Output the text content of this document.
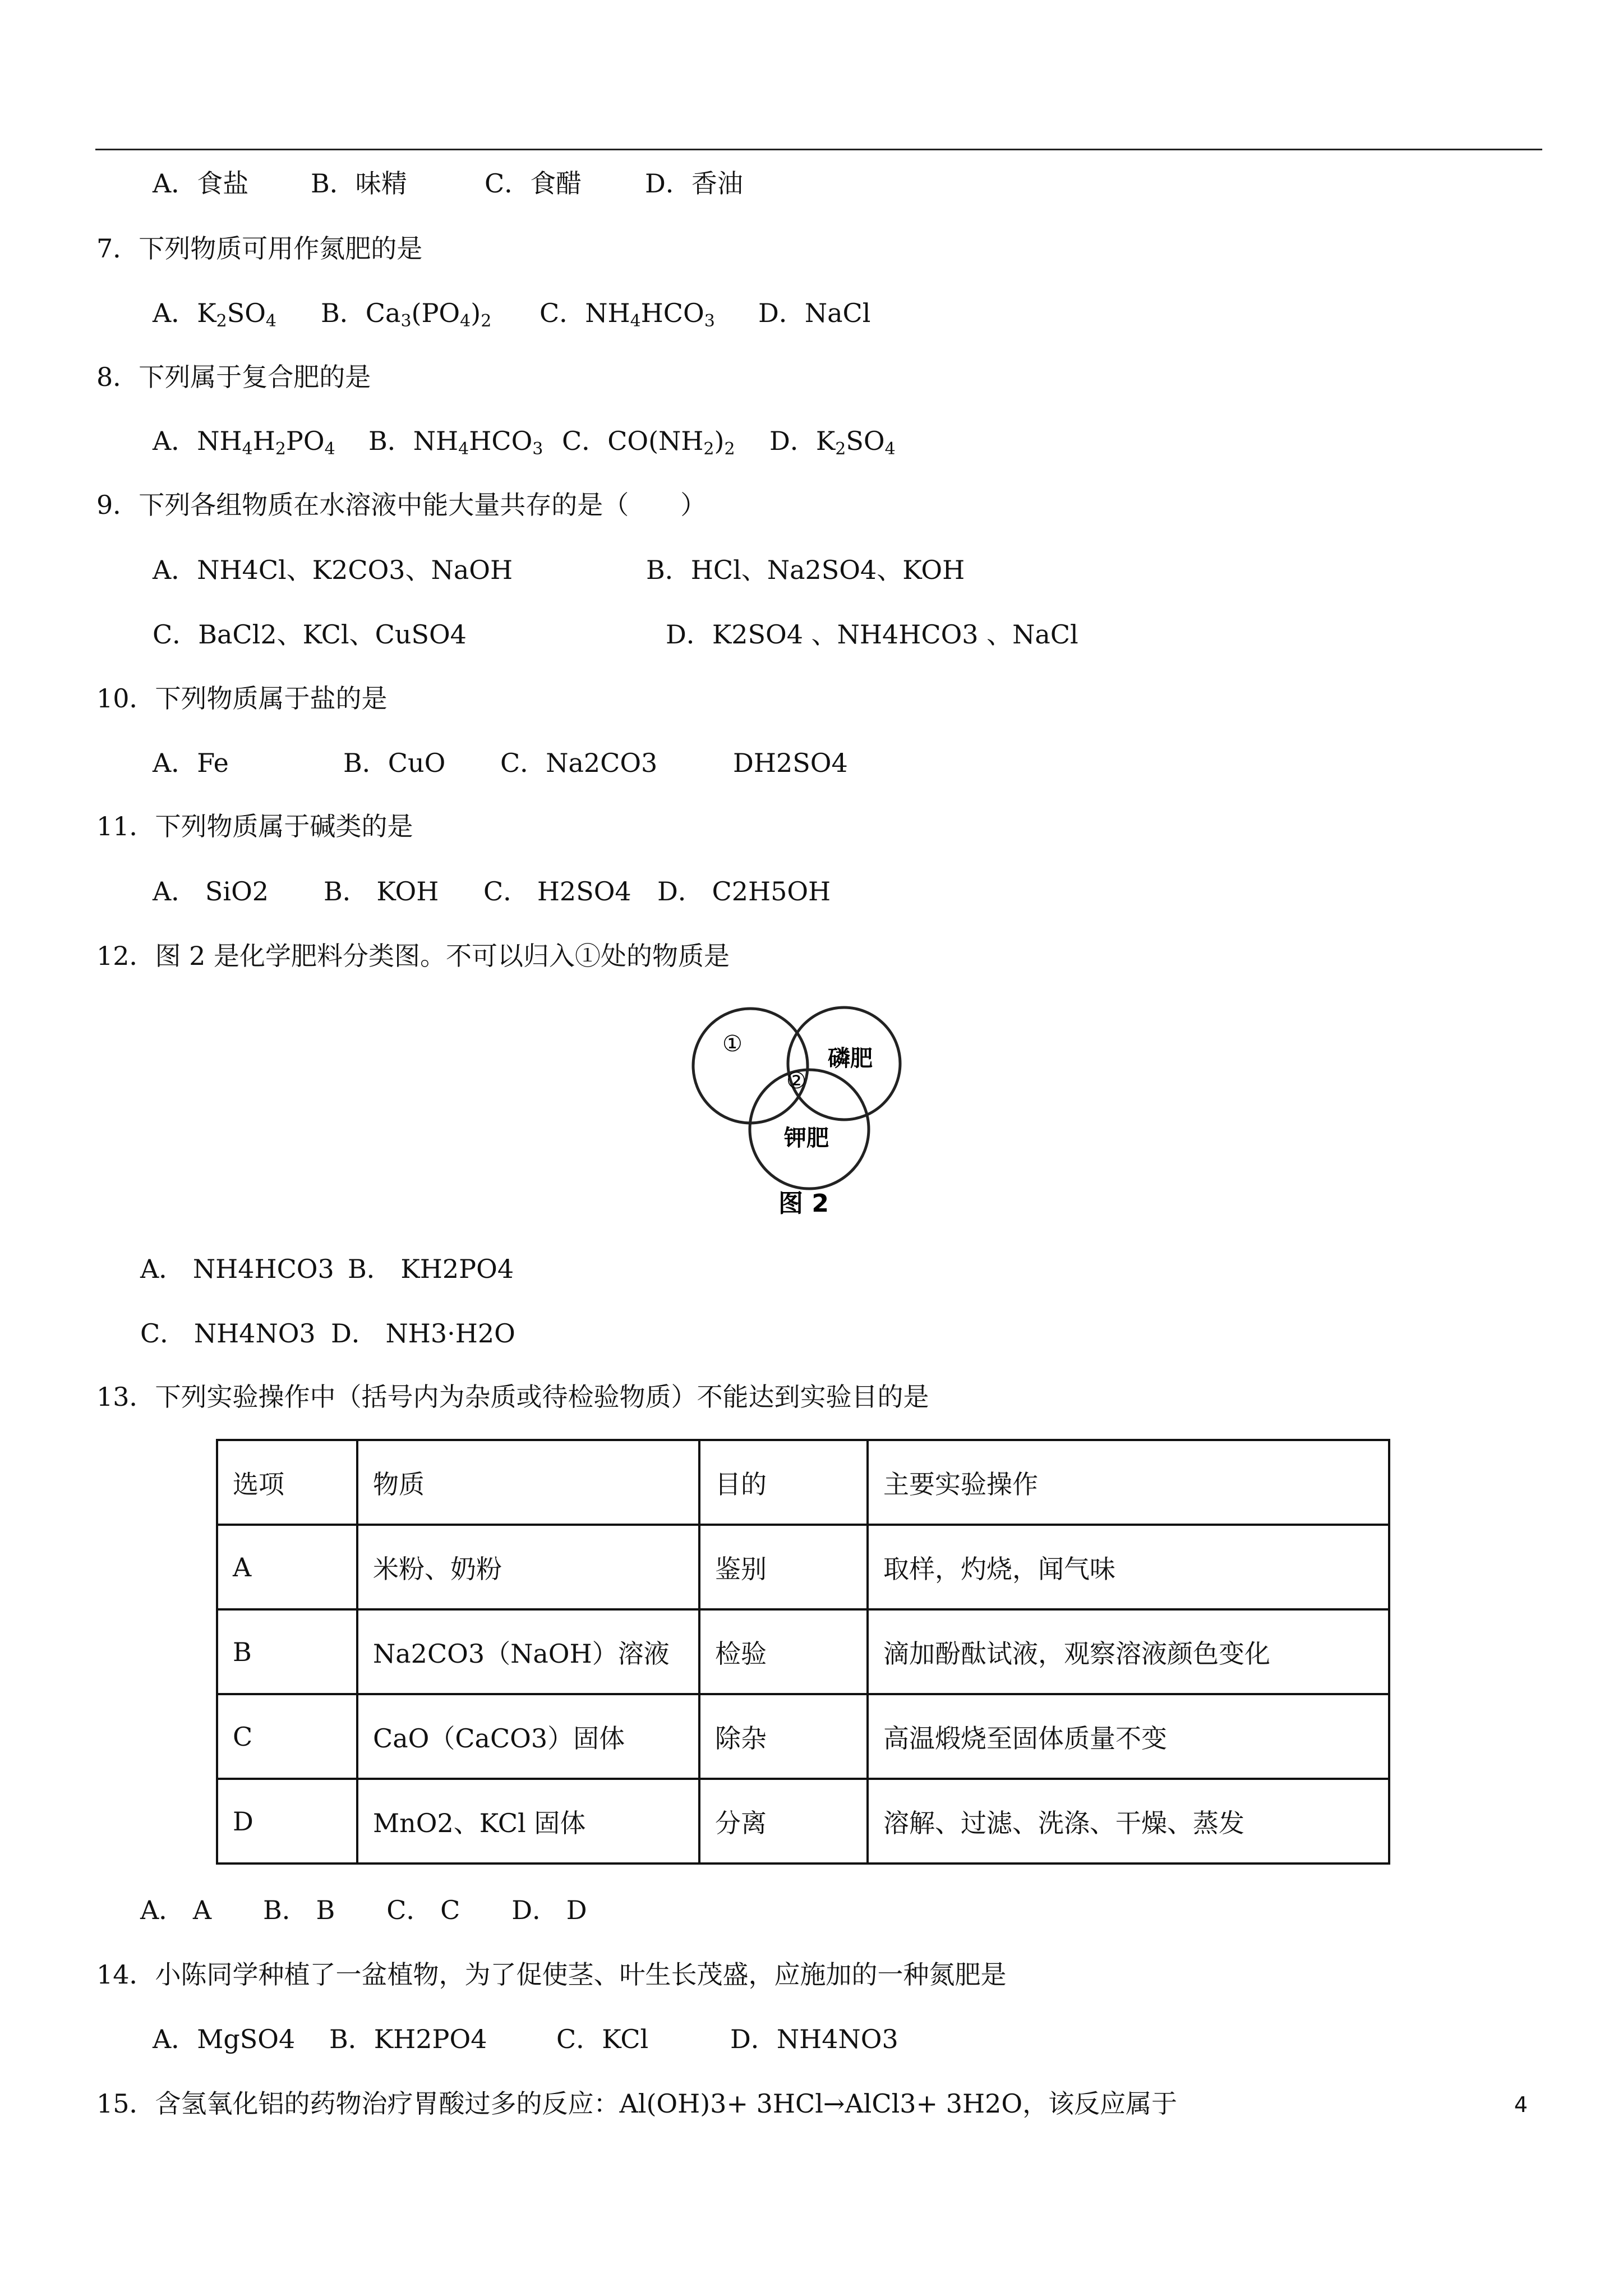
A．食盐 B．味精	C．食醋 D．香油
7．下列物质可用作氮肥的是
A．$K_2SO_4$ B．$Ca_3(PO_4)_2$ C．$NH_4HCO_3$ D．NaCl
8．下列属于复合肥的是
A．$NH_4H_2PO_4$ B．$NH_4HCO_3$ C．$CO(NH_2)_2$ D．$K_2SO_4$
9．下列各组物质在水溶液中能大量共存的是（　　）
A．NH4Cl、K2CO3、NaOH	B．HCl、Na2SO4、KOH
C．BaCl2、KCl、CuSO4	D．K2SO4 、NH4HCO3 、NaCl
10．下列物质属于盐的是
A．Fe	B．CuO C．Na2CO3	DH2SO4
11．下列物质属于碱类的是
A． SiO2 B． KOH C． H2SO4 D． C2H5OH
12．图 2 是化学肥料分类图。不可以归入①处的物质是
①
②
磷肥
钾肥
图 2
A． NH4HCO3 B． KH2PO4
C． NH4NO3 D． NH3·H2O
13．下列实验操作中（括号内为杂质或待检验物质）不能达到实验目的是
选项	物质	目的	主要实验操作
A	米粉、奶粉	鉴别	取样，灼烧，闻气味
B	Na2CO3（NaOH）溶液	检验	滴加酚酞试液，观察溶液颜色变化
C	CaO（CaCO3）固体	除杂	高温煅烧至固体质量不变
D	MnO2、KCl 固体	分离	溶解、过滤、洗涤、干燥、蒸发
A． A　　B． B　　C． C　　D． D
14．小陈同学种植了一盆植物，为了促使茎、叶生长茂盛，应施加的一种氮肥是
A．MgSO4 B．KH2PO4	C．KCl	D．NH4NO3
15．含氢氧化铝的药物治疗胃酸过多的反应：Al(OH)3+ 3HCl→AlCl3+ 3H2O，该反应属于	4
